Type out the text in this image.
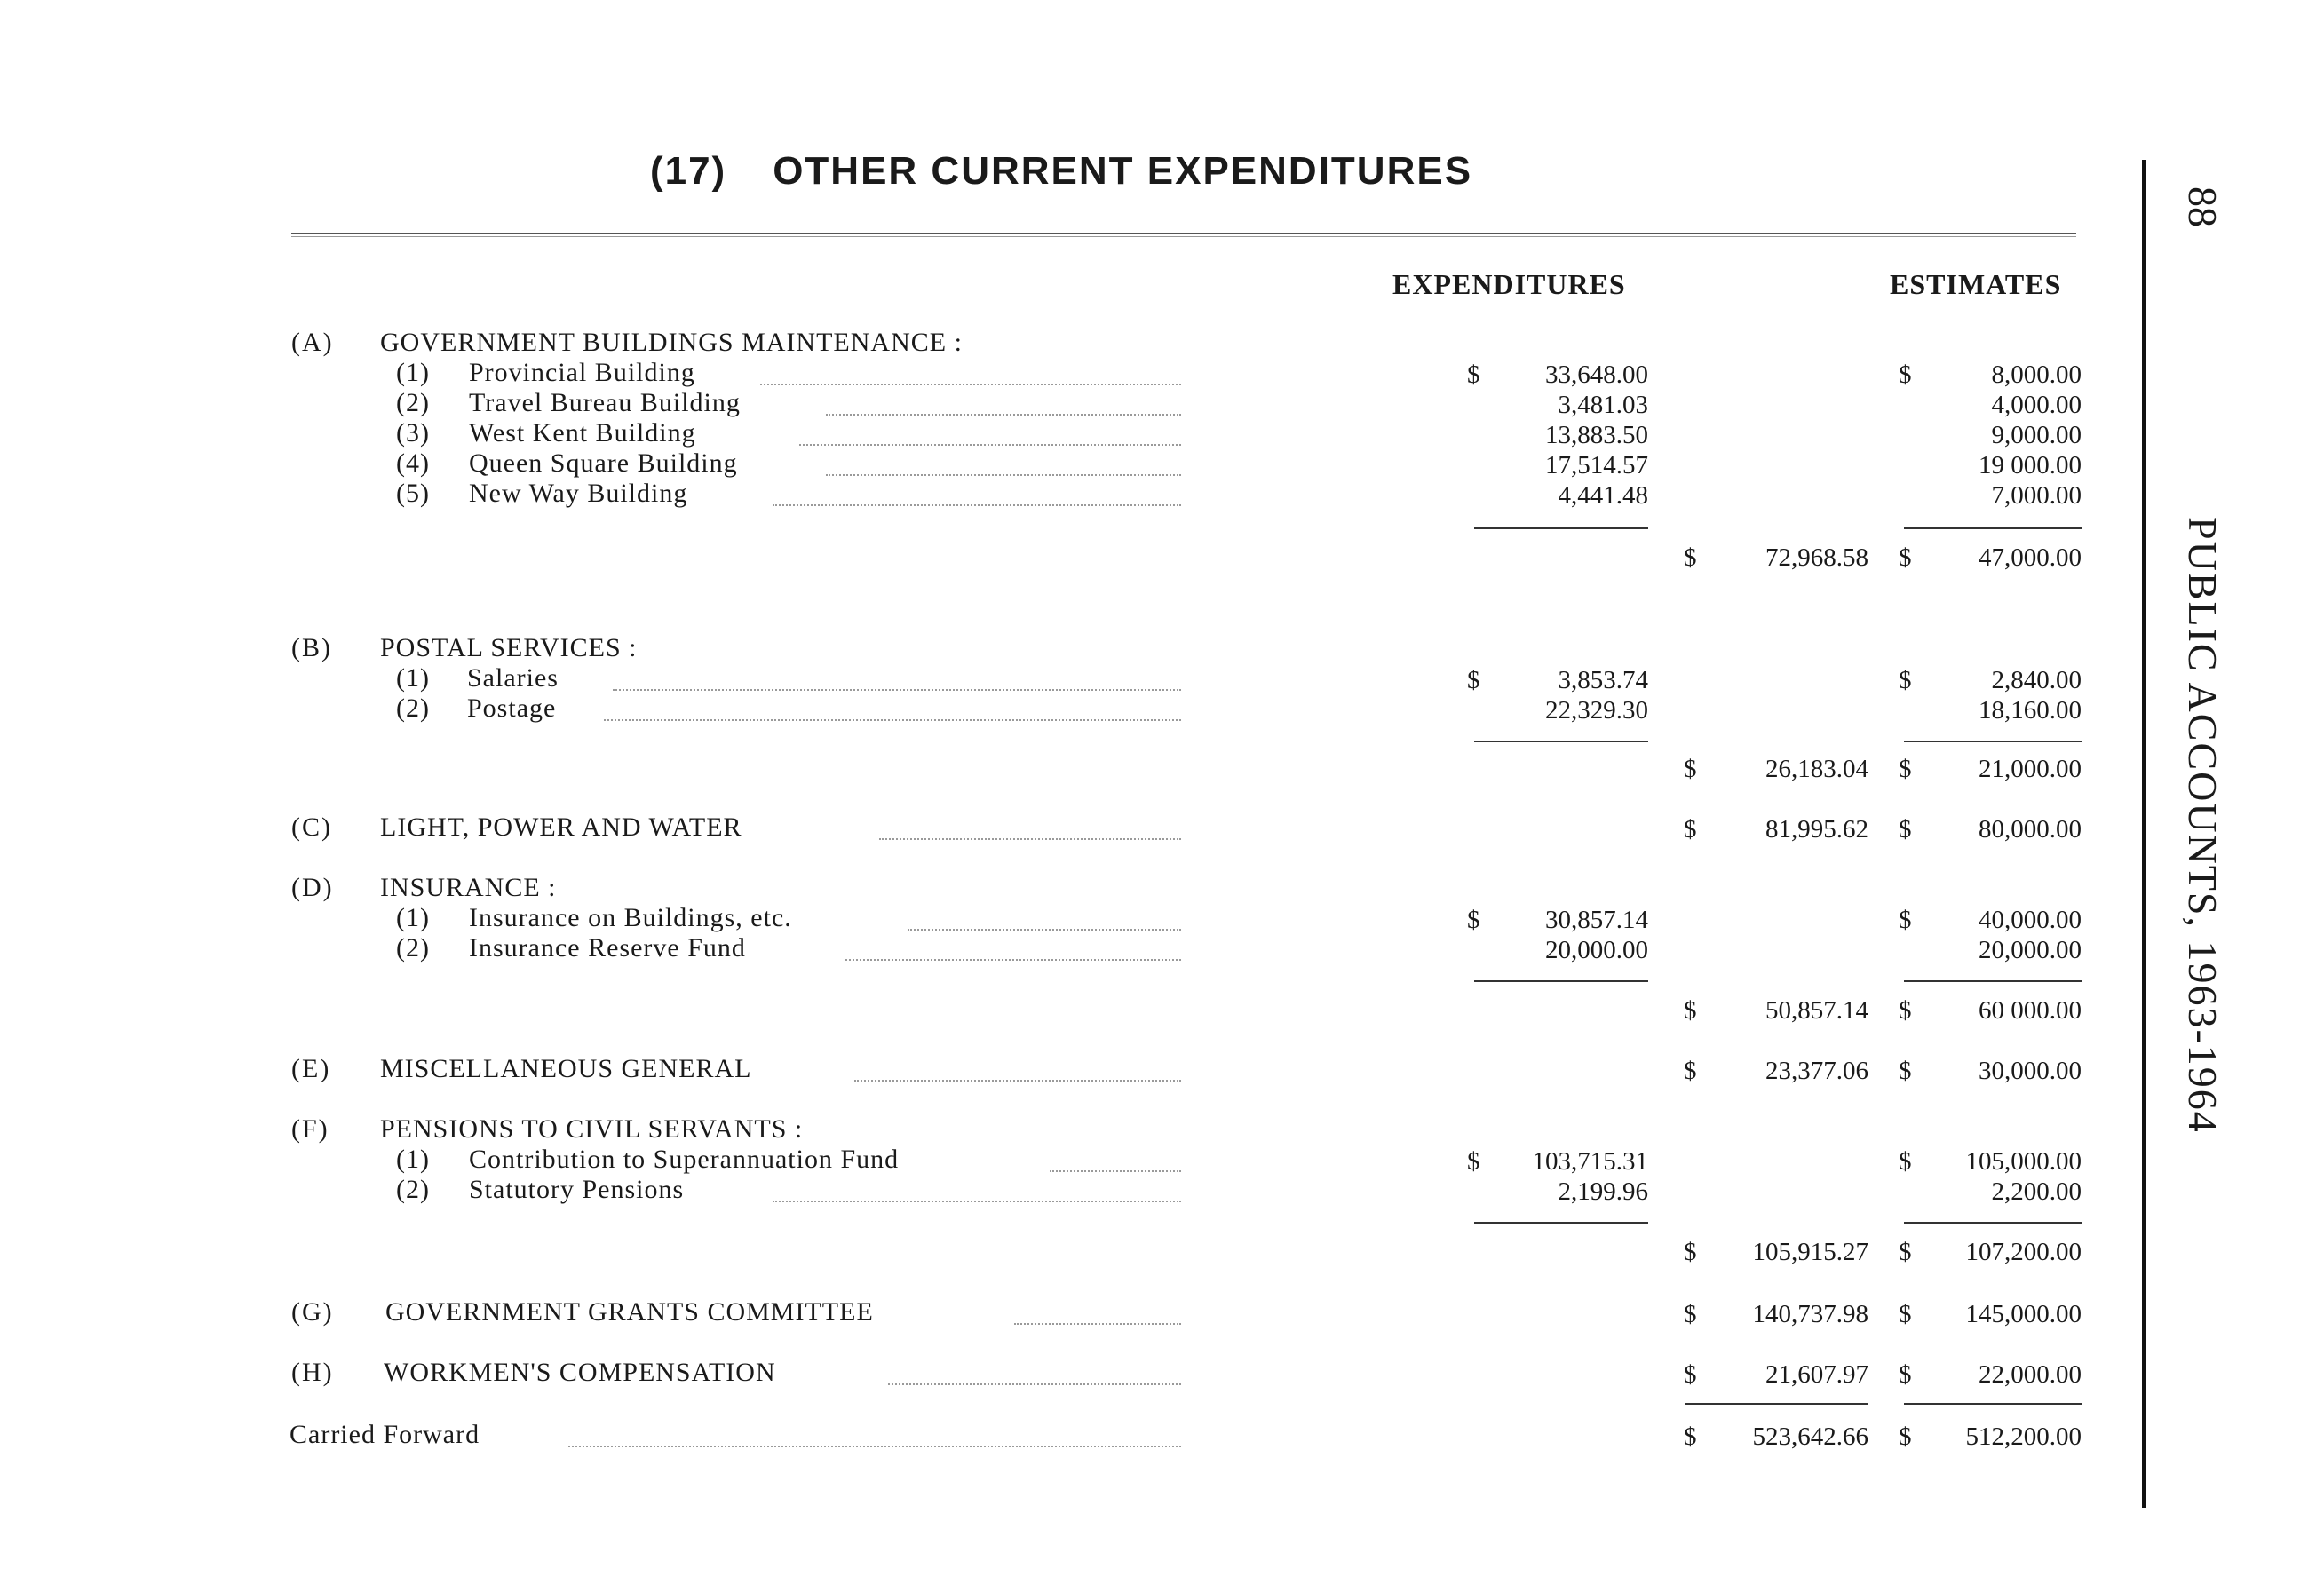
(17) OTHER CURRENT EXPENDITURES
88
PUBLIC ACCOUNTS, 1963-1964
EXPENDITURES	ESTIMATES
(A) GOVERNMENT BUILDINGS MAINTENANCE :
(1) Provincial Building	$	33,648.00	$	8,000.00
(2) Travel Bureau Building	3,481.03	4,000.00
(3) West Kent Building	13,883.50	9,000.00
(4) Queen Square Building	17,514.57	19 000.00
(5) New Way Building	4,441.48	7,000.00
$	72,968.58 $	47,000.00
(B) POSTAL SERVICES :
(1) Salaries	$	3,853.74	$	2,840.00
(2) Postage	22,329.30	18,160.00
$	26,183.04 $	21,000.00
(C) LIGHT, POWER AND WATER	$	81,995.62 $	80,000.00
(D) INSURANCE :
(1) Insurance on Buildings, etc.	$	30,857.14	$	40,000.00
(2) Insurance Reserve Fund	20,000.00	20,000.00
$	50,857.14 $	60 000.00
(E) MISCELLANEOUS GENERAL	$	23,377.06 $	30,000.00
(F) PENSIONS TO CIVIL SERVANTS :
(1) Contribution to Superannuation Fund	$	103,715.31	$	105,000.00
(2) Statutory Pensions	2,199.96	2,200.00
$	105,915.27 $	107,200.00
(G) GOVERNMENT GRANTS COMMITTEE	$	140,737.98 $	145,000.00
(H) WORKMEN'S COMPENSATION	$	21,607.97 $	22,000.00
Carried Forward	$	523,642.66 $	512,200.00
